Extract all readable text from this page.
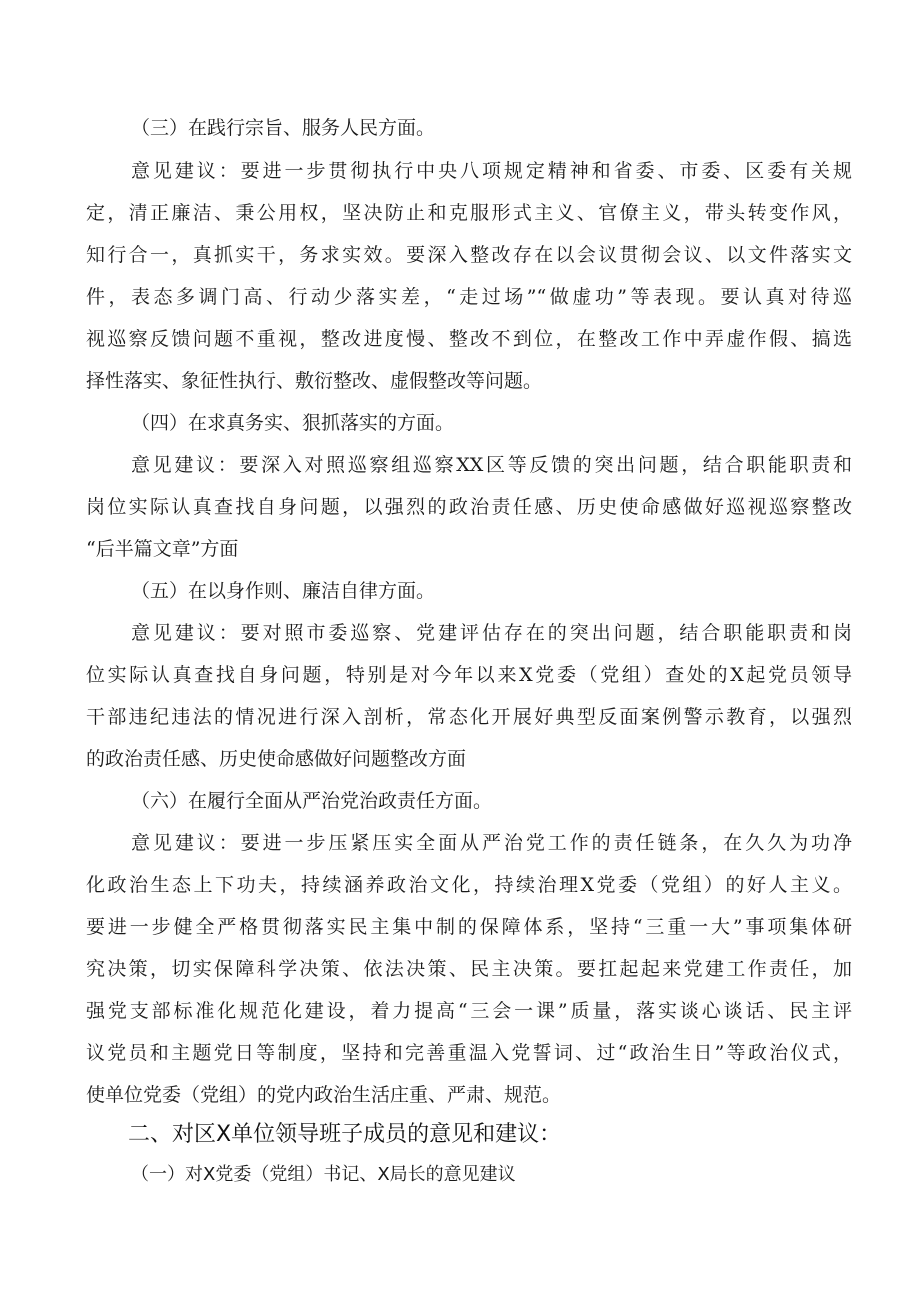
（三）在践行宗旨、服务人民方面。
意见建议：要进一步贯彻执行中央八项规定精神和省委、市委、区委有关规
定，清正廉洁、秉公用权，坚决防止和克服形式主义、官僚主义，带头转变作风，
知行合一，真抓实干，务求实效。要深入整改存在以会议贯彻会议、以文件落实文
件，表态多调门高、行动少落实差，“走过场”“做虚功”等表现。要认真对待巡
视巡察反馈问题不重视，整改进度慢、整改不到位，在整改工作中弄虚作假、搞选
择性落实、象征性执行、敷衍整改、虚假整改等问题。
（四）在求真务实、狠抓落实的方面。
意见建议：要深入对照巡察组巡察XX区等反馈的突出问题，结合职能职责和
岗位实际认真查找自身问题，以强烈的政治责任感、历史使命感做好巡视巡察整改
“后半篇文章”方面
（五）在以身作则、廉洁自律方面。
意见建议：要对照市委巡察、党建评估存在的突出问题，结合职能职责和岗
位实际认真查找自身问题，特别是对今年以来X党委（党组）查处的X起党员领导
干部违纪违法的情况进行深入剖析，常态化开展好典型反面案例警示教育，以强烈
的政治责任感、历史使命感做好问题整改方面
（六）在履行全面从严治党治政责任方面。
意见建议：要进一步压紧压实全面从严治党工作的责任链条，在久久为功净
化政治生态上下功夫，持续涵养政治文化，持续治理X党委（党组）的好人主义。
要进一步健全严格贯彻落实民主集中制的保障体系，坚持“三重一大”事项集体研
究决策，切实保障科学决策、依法决策、民主决策。要扛起起来党建工作责任，加
强党支部标准化规范化建设，着力提高“三会一课”质量，落实谈心谈话、民主评
议党员和主题党日等制度，坚持和完善重温入党誓词、过“政治生日”等政治仪式，
使单位党委（党组）的党内政治生活庄重、严肃、规范。
二、对区X单位领导班子成员的意见和建议：
（一）对X党委（党组）书记、X局长的意见建议
